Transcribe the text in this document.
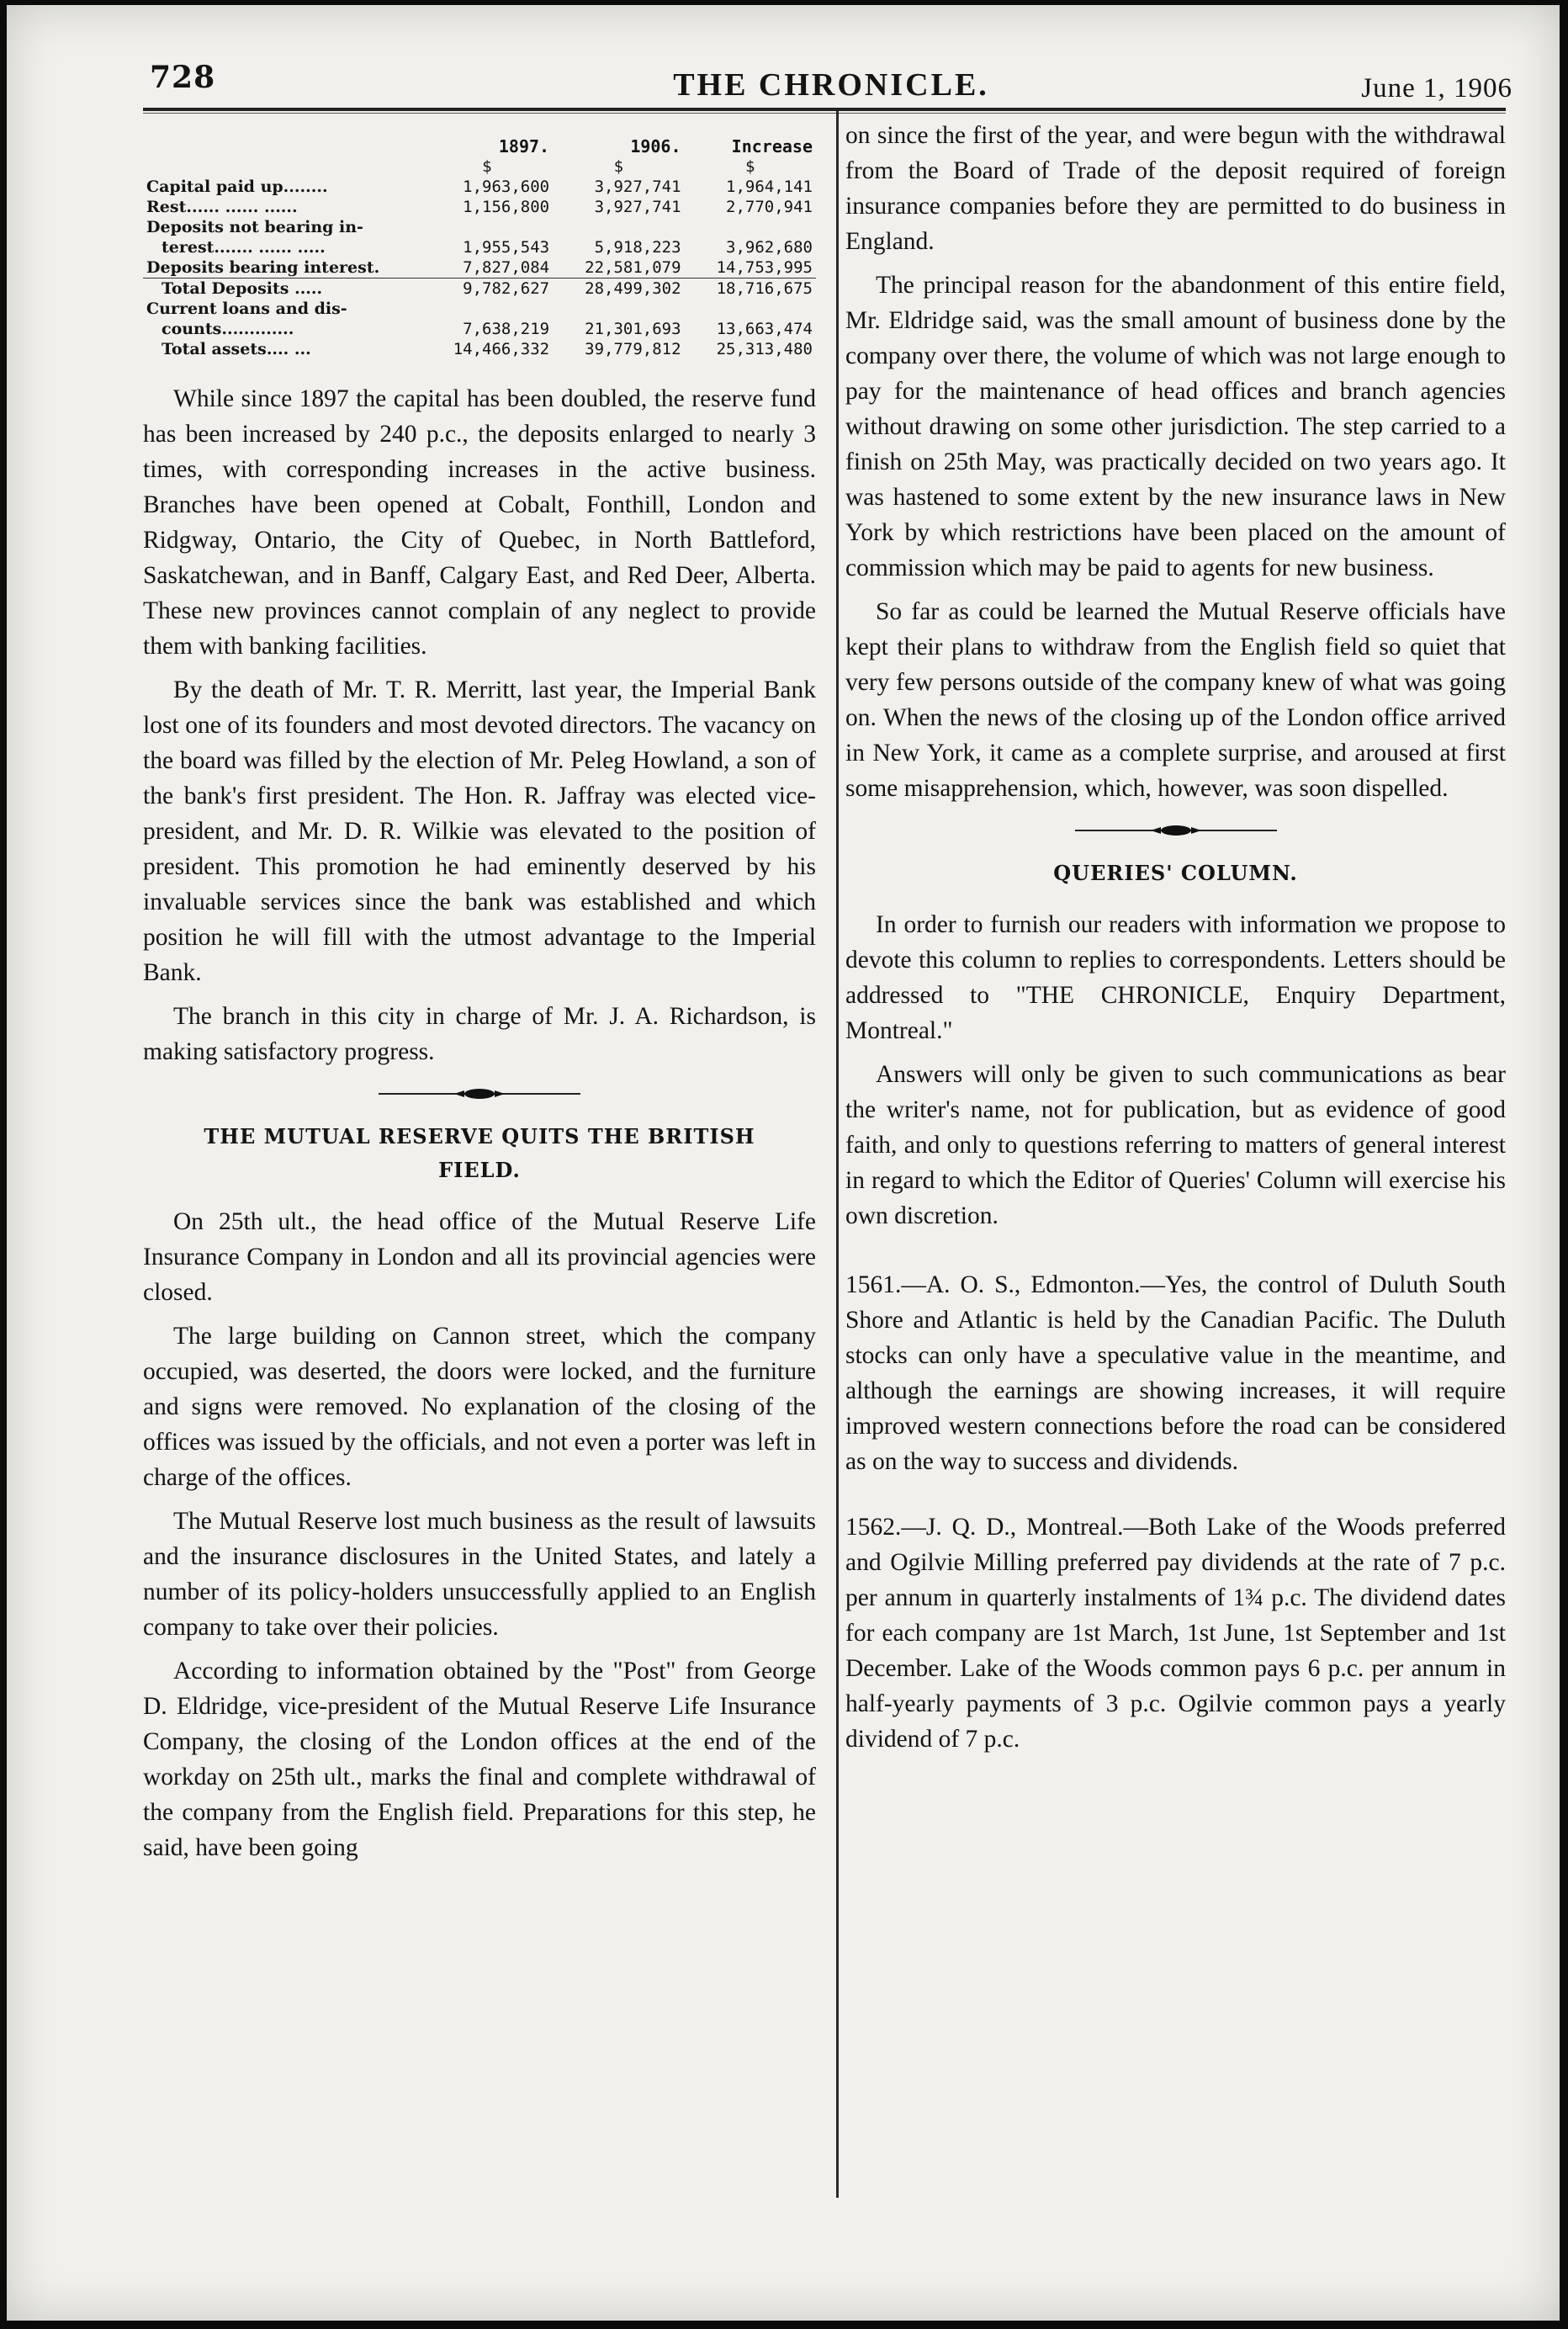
728	THE CHRONICLE.	June 1, 1906
	1897.	1906.	Increase
	$	$	$
Capital paid up........	1,963,600	3,927,741	1,964,141
Rest...... ...... ......	1,156,800	3,927,741	2,770,941
Deposits not bearing in-			
terest....... ...... .....	1,955,543	5,918,223	3,962,680
Deposits bearing interest.	7,827,084	22,581,079	14,753,995
Total Deposits .....	9,782,627	28,499,302	18,716,675
Current loans and dis-			
counts.............	7,638,219	21,301,693	13,663,474
Total assets.... ...	14,466,332	39,779,812	25,313,480

While since 1897 the capital has been doubled, the reserve fund has been increased by 240 p.c., the deposits enlarged to nearly 3 times, with corresponding increases in the active business. Branches have been opened at Cobalt, Fonthill, London and Ridgway, Ontario, the City of Quebec, in North Battleford, Saskatchewan, and in Banff, Calgary East, and Red Deer, Alberta. These new provinces cannot complain of any neglect to provide them with banking facilities.

By the death of Mr. T. R. Merritt, last year, the Imperial Bank lost one of its founders and most devoted directors. The vacancy on the board was filled by the election of Mr. Peleg Howland, a son of the bank's first president. The Hon. R. Jaffray was elected vice-president, and Mr. D. R. Wilkie was elevated to the position of president. This promotion he had eminently deserved by his invaluable services since the bank was established and which position he will fill with the utmost advantage to the Imperial Bank.

The branch in this city in charge of Mr. J. A. Richardson, is making satisfactory progress.

THE MUTUAL RESERVE QUITS THE BRITISH FIELD.

On 25th ult., the head office of the Mutual Reserve Life Insurance Company in London and all its provincial agencies were closed.

The large building on Cannon street, which the company occupied, was deserted, the doors were locked, and the furniture and signs were removed. No explanation of the closing of the offices was issued by the officials, and not even a porter was left in charge of the offices.

The Mutual Reserve lost much business as the result of lawsuits and the insurance disclosures in the United States, and lately a number of its policy-holders unsuccessfully applied to an English company to take over their policies.

According to information obtained by the "Post" from George D. Eldridge, vice-president of the Mutual Reserve Life Insurance Company, the closing of the London offices at the end of the workday on 25th ult., marks the final and complete withdrawal of the company from the English field. Preparations for this step, he said, have been going

on since the first of the year, and were begun with the withdrawal from the Board of Trade of the deposit required of foreign insurance companies before they are permitted to do business in England.

The principal reason for the abandonment of this entire field, Mr. Eldridge said, was the small amount of business done by the company over there, the volume of which was not large enough to pay for the maintenance of head offices and branch agencies without drawing on some other jurisdiction. The step carried to a finish on 25th May, was practically decided on two years ago. It was hastened to some extent by the new insurance laws in New York by which restrictions have been placed on the amount of commission which may be paid to agents for new business.

So far as could be learned the Mutual Reserve officials have kept their plans to withdraw from the English field so quiet that very few persons outside of the company knew of what was going on. When the news of the closing up of the London office arrived in New York, it came as a complete surprise, and aroused at first some misapprehension, which, however, was soon dispelled.

QUERIES' COLUMN.

In order to furnish our readers with information we propose to devote this column to replies to correspondents. Letters should be addressed to "THE CHRONICLE, Enquiry Department, Montreal."

Answers will only be given to such communications as bear the writer's name, not for publication, but as evidence of good faith, and only to questions referring to matters of general interest in regard to which the Editor of Queries' Column will exercise his own discretion.

1561.—A. O. S., Edmonton.—Yes, the control of Duluth South Shore and Atlantic is held by the Canadian Pacific. The Duluth stocks can only have a speculative value in the meantime, and although the earnings are showing increases, it will require improved western connections before the road can be considered as on the way to success and dividends.

1562.—J. Q. D., Montreal.—Both Lake of the Woods preferred and Ogilvie Milling preferred pay dividends at the rate of 7 p.c. per annum in quarterly instalments of 1¾ p.c. The dividend dates for each company are 1st March, 1st June, 1st September and 1st December. Lake of the Woods common pays 6 p.c. per annum in half-yearly payments of 3 p.c. Ogilvie common pays a yearly dividend of 7 p.c.
